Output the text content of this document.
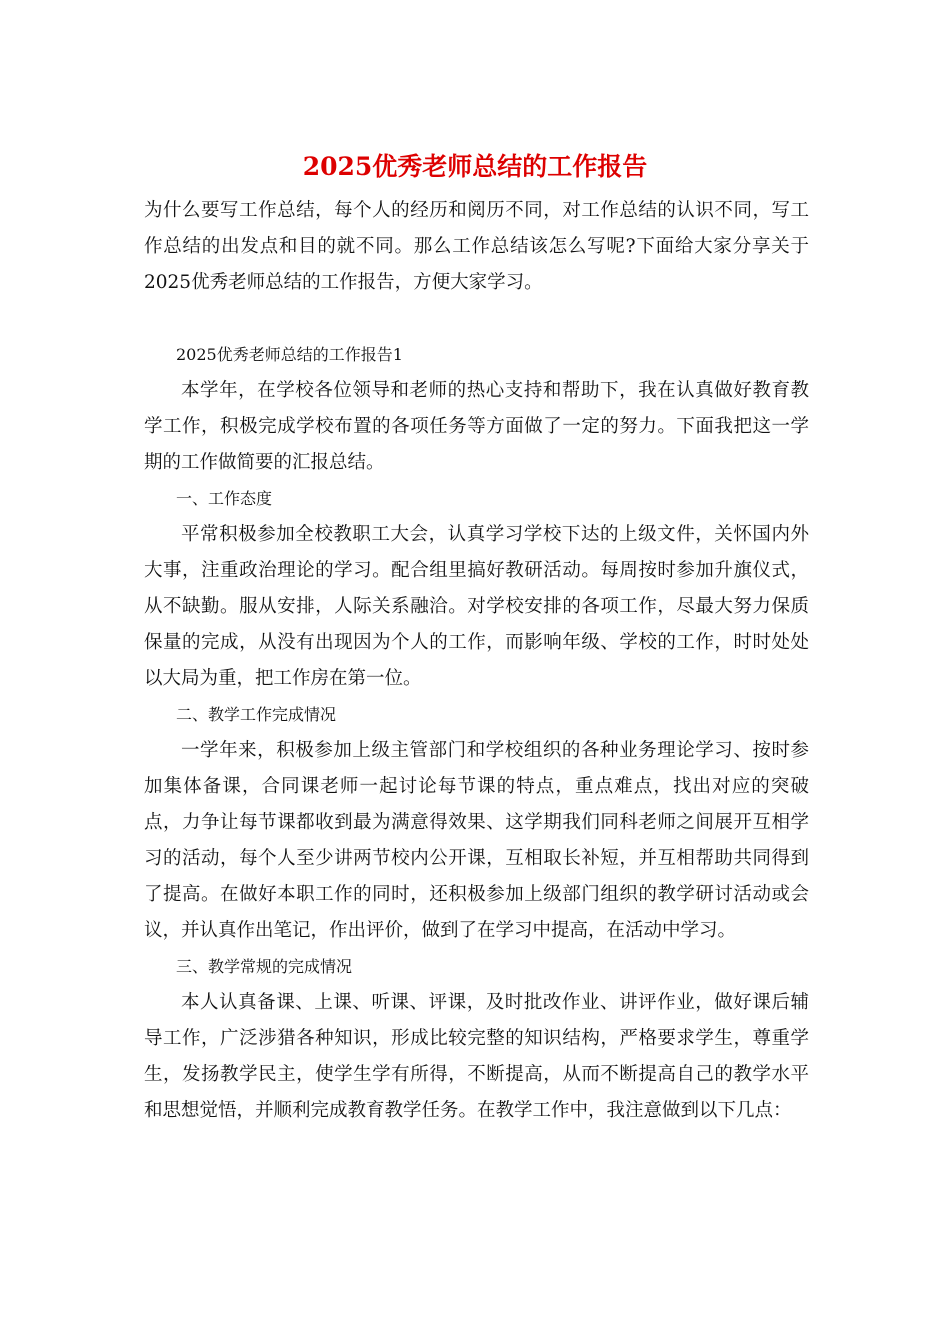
2025优秀老师总结的工作报告

为什么要写工作总结，每个人的经历和阅历不同，对工作总结的认识不同，写工作总结的出发点和目的就不同。那么工作总结该怎么写呢?下面给大家分享关于2025优秀老师总结的工作报告，方便大家学习。

2025优秀老师总结的工作报告1

本学年，在学校各位领导和老师的热心支持和帮助下，我在认真做好教育教学工作，积极完成学校布置的各项任务等方面做了一定的努力。下面我把这一学期的工作做简要的汇报总结。

一、工作态度

平常积极参加全校教职工大会，认真学习学校下达的上级文件，关怀国内外大事，注重政治理论的学习。配合组里搞好教研活动。每周按时参加升旗仪式，从不缺勤。服从安排，人际关系融洽。对学校安排的各项工作，尽最大努力保质保量的完成，从没有出现因为个人的工作，而影响年级、学校的工作，时时处处以大局为重，把工作房在第一位。

二、教学工作完成情况

一学年来，积极参加上级主管部门和学校组织的各种业务理论学习、按时参加集体备课，合同课老师一起讨论每节课的特点，重点难点，找出对应的突破点，力争让每节课都收到最为满意得效果、这学期我们同科老师之间展开互相学习的活动，每个人至少讲两节校内公开课，互相取长补短，并互相帮助共同得到了提高。在做好本职工作的同时，还积极参加上级部门组织的教学研讨活动或会议，并认真作出笔记，作出评价，做到了在学习中提高，在活动中学习。

三、教学常规的完成情况

本人认真备课、上课、听课、评课，及时批改作业、讲评作业，做好课后辅导工作，广泛涉猎各种知识，形成比较完整的知识结构，严格要求学生，尊重学生，发扬教学民主，使学生学有所得，不断提高，从而不断提高自己的教学水平和思想觉悟，并顺利完成教育教学任务。在教学工作中，我注意做到以下几点：
